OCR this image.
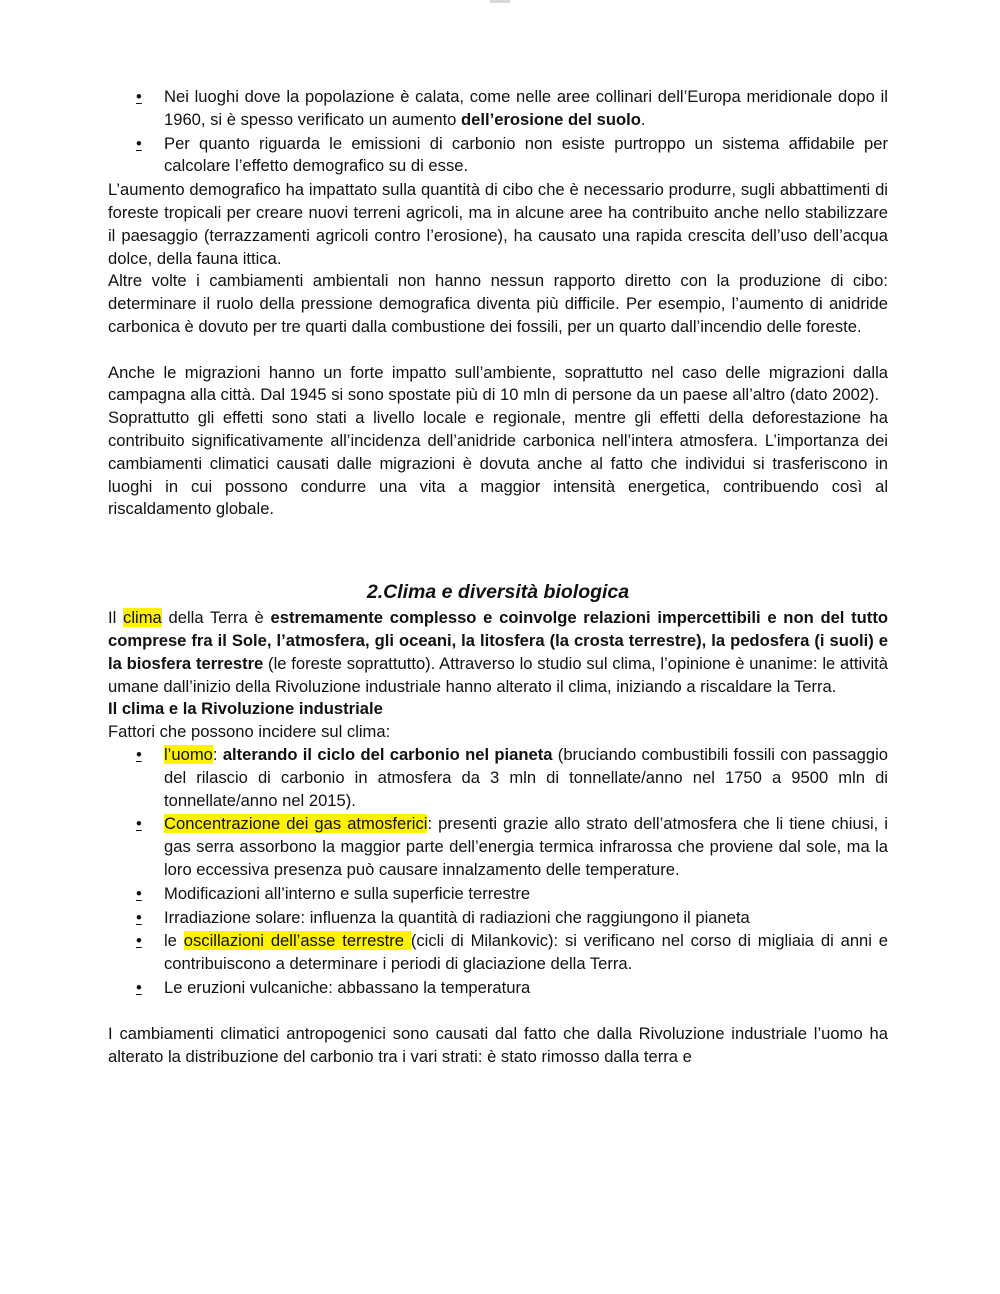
• Nei luoghi dove la popolazione è calata, come nelle aree collinari dell’Europa meridionale dopo il 1960, si è spesso verificato un aumento dell’erosione del suolo.
• Per quanto riguarda le emissioni di carbonio non esiste purtroppo un sistema affidabile per calcolare l’effetto demografico su di esse.

L’aumento demografico ha impattato sulla quantità di cibo che è necessario produrre, sugli abbattimenti di foreste tropicali per creare nuovi terreni agricoli, ma in alcune aree ha contribuito anche nello stabilizzare il paesaggio (terrazzamenti agricoli contro l’erosione), ha causato una rapida crescita dell’uso dell’acqua dolce, della fauna ittica.

Altre volte i cambiamenti ambientali non hanno nessun rapporto diretto con la produzione di cibo: determinare il ruolo della pressione demografica diventa più difficile. Per esempio, l’aumento di anidride carbonica è dovuto per tre quarti dalla combustione dei fossili, per un quarto dall’incendio delle foreste.

Anche le migrazioni hanno un forte impatto sull’ambiente, soprattutto nel caso delle migrazioni dalla campagna alla città. Dal 1945 si sono spostate più di 10 mln di persone da un paese all’altro (dato 2002).

Soprattutto gli effetti sono stati a livello locale e regionale, mentre gli effetti della deforestazione ha contribuito significativamente all’incidenza dell’anidride carbonica nell’intera atmosfera. L’importanza dei cambiamenti climatici causati dalle migrazioni è dovuta anche al fatto che individui si trasferiscono in luoghi in cui possono condurre una vita a maggior intensità energetica, contribuendo così al riscaldamento globale.

2.Clima e diversità biologica

Il clima della Terra è estremamente complesso e coinvolge relazioni impercettibili e non del tutto comprese fra il Sole, l’atmosfera, gli oceani, la litosfera (la crosta terrestre), la pedosfera (i suoli) e la biosfera terrestre (le foreste soprattutto). Attraverso lo studio sul clima, l’opinione è unanime: le attività umane dall’inizio della Rivoluzione industriale hanno alterato il clima, iniziando a riscaldare la Terra.

Il clima e la Rivoluzione industriale

Fattori che possono incidere sul clima:

• l’uomo: alterando il ciclo del carbonio nel pianeta (bruciando combustibili fossili con passaggio del rilascio di carbonio in atmosfera da 3 mln di tonnellate/anno nel 1750 a 9500 mln di tonnellate/anno nel 2015).
• Concentrazione dei gas atmosferici: presenti grazie allo strato dell’atmosfera che li tiene chiusi, i gas serra assorbono la maggior parte dell’energia termica infrarossa che proviene dal sole, ma la loro eccessiva presenza può causare innalzamento delle temperature.
• Modificazioni all’interno e sulla superficie terrestre
• Irradiazione solare: influenza la quantità di radiazioni che raggiungono il pianeta
• le oscillazioni dell’asse terrestre (cicli di Milankovic): si verificano nel corso di migliaia di anni e contribuiscono a determinare i periodi di glaciazione della Terra.
• Le eruzioni vulcaniche: abbassano la temperatura

I cambiamenti climatici antropogenici sono causati dal fatto che dalla Rivoluzione industriale l’uomo ha alterato la distribuzione del carbonio tra i vari strati: è stato rimosso dalla terra e
